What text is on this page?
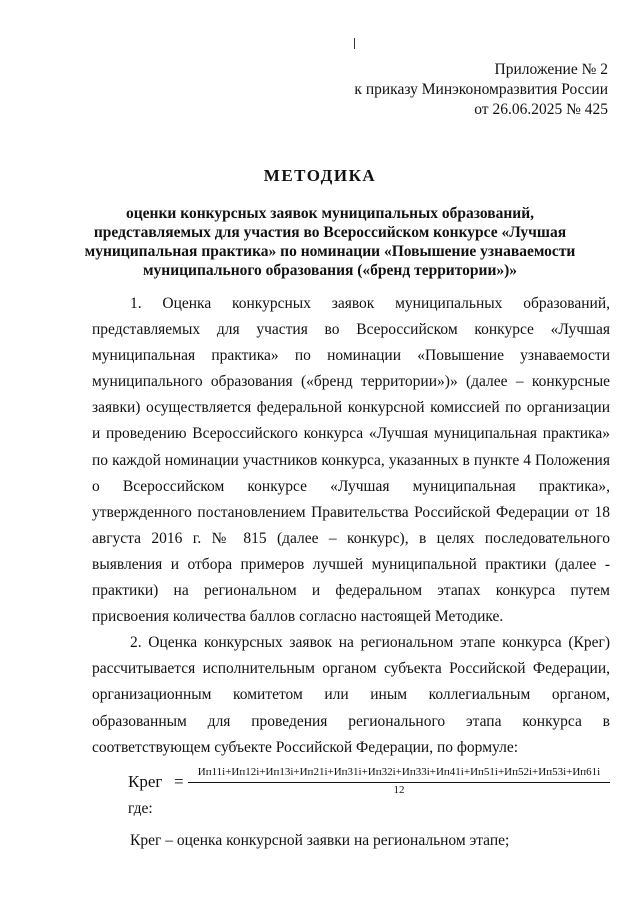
Приложение № 2
к приказу Минэкономразвития России
от 26.06.2025 № 425
МЕТОДИКА
оценки конкурсных заявок муниципальных образований, представляемых для участия во Всероссийском конкурсе «Лучшая муниципальная практика» по номинации «Повышение узнаваемости муниципального образования («бренд территории»)»

1. Оценка конкурсных заявок муниципальных образований, представляемых для участия во Всероссийском конкурсе «Лучшая муниципальная практика» по номинации «Повышение узнаваемости муниципального образования («бренд территории»)» (далее – конкурсные заявки) осуществляется федеральной конкурсной комиссией по организации и проведению Всероссийского конкурса «Лучшая муниципальная практика» по каждой номинации участников конкурса, указанных в пункте 4 Положения о Всероссийском конкурсе «Лучшая муниципальная практика», утвержденного постановлением Правительства Российской Федерации от 18 августа 2016 г. № 815 (далее – конкурс), в целях последовательного выявления и отбора примеров лучшей муниципальной практики (далее - практики) на региональном и федеральном этапах конкурса путем присвоения количества баллов согласно настоящей Методике.

2. Оценка конкурсных заявок на региональном этапе конкурса (Крег) рассчитывается исполнительным органом субъекта Российской Федерации, организационным комитетом или иным коллегиальным органом, образованным для проведения регионального этапа конкурса в соответствующем субъекте Российской Федерации, по формуле:

Крег =	Ип11i+Ип12i+Ип13i+Ип21i+Ип31i+Ип32i+Ип33i+Ип41i+Ип51i+Ип52i+Ип53i+Ип61i
12
где:
Крег – оценка конкурсной заявки на региональном этапе;
